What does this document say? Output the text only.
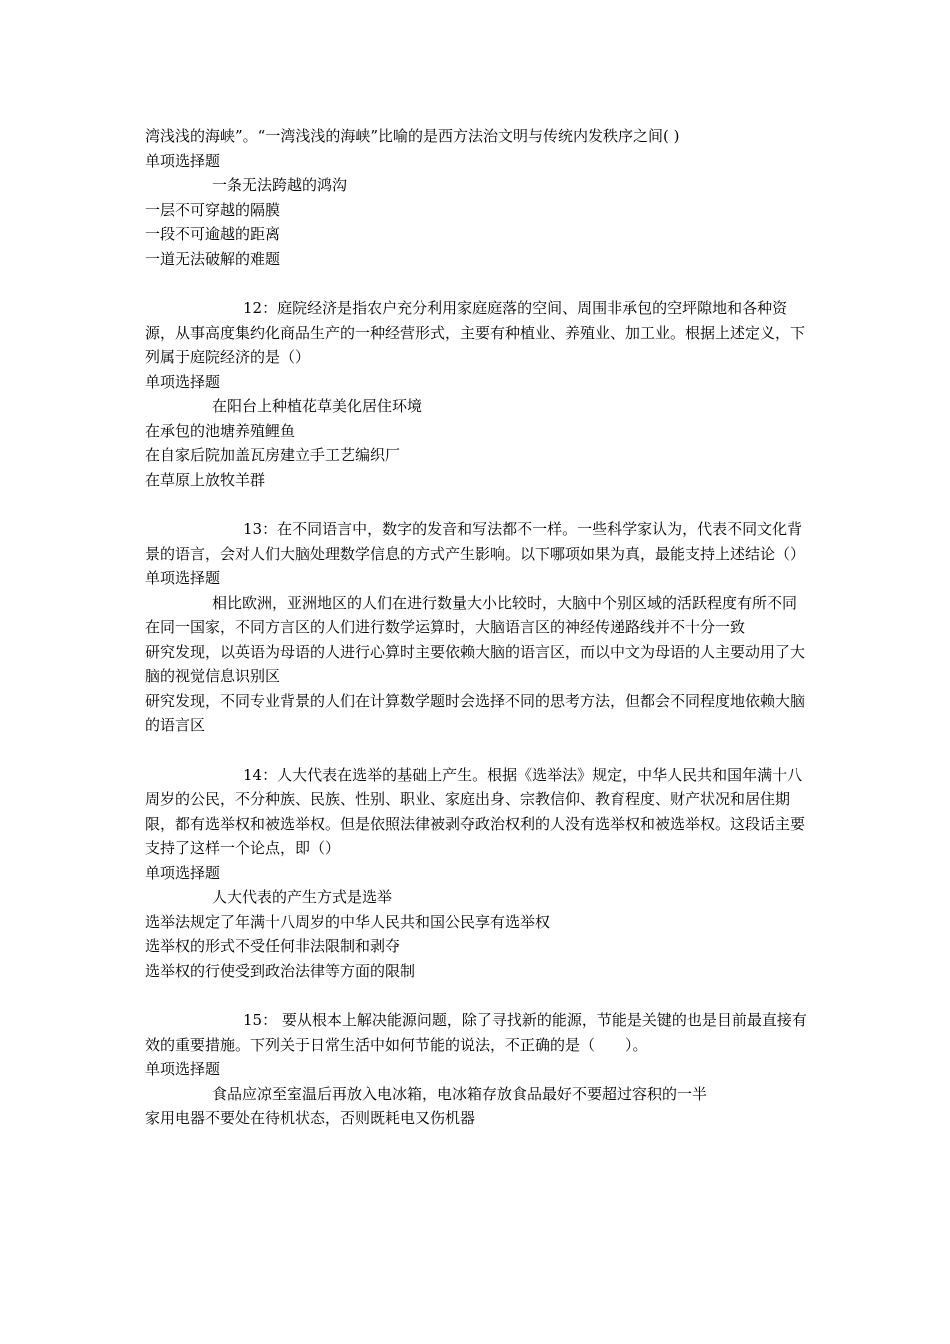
湾浅浅的海峡”。“一湾浅浅的海峡”比喻的是西方法治文明与传统内发秩序之间( )
单项选择题
一条无法跨越的鸿沟
一层不可穿越的隔膜
一段不可逾越的距离
一道无法破解的难题
12：庭院经济是指农户充分利用家庭庭落的空间、周围非承包的空坪隙地和各种资源，从事高度集约化商品生产的一种经营形式，主要有种植业、养殖业、加工业。根据上述定义，下列属于庭院经济的是（）
单项选择题
在阳台上种植花草美化居住环境
在承包的池塘养殖鲤鱼
在自家后院加盖瓦房建立手工艺编织厂
在草原上放牧羊群
13：在不同语言中，数字的发音和写法都不一样。一些科学家认为，代表不同文化背景的语言，会对人们大脑处理数学信息的方式产生影响。以下哪项如果为真，最能支持上述结论（）
单项选择题
相比欧洲，亚洲地区的人们在进行数量大小比较时，大脑中个别区域的活跃程度有所不同
在同一国家，不同方言区的人们进行数学运算时，大脑语言区的神经传递路线并不十分一致
研究发现，以英语为母语的人进行心算时主要依赖大脑的语言区，而以中文为母语的人主要动用了大脑的视觉信息识别区
研究发现，不同专业背景的人们在计算数学题时会选择不同的思考方法，但都会不同程度地依赖大脑的语言区
14：人大代表在选举的基础上产生。根据《选举法》规定，中华人民共和国年满十八周岁的公民，不分种族、民族、性别、职业、家庭出身、宗教信仰、教育程度、财产状况和居住期限，都有选举权和被选举权。但是依照法律被剥夺政治权利的人没有选举权和被选举权。这段话主要支持了这样一个论点，即（）
单项选择题
人大代表的产生方式是选举
选举法规定了年满十八周岁的中华人民共和国公民享有选举权
选举权的形式不受任何非法限制和剥夺
选举权的行使受到政治法律等方面的限制
15： 要从根本上解决能源问题，除了寻找新的能源，节能是关键的也是目前最直接有效的重要措施。下列关于日常生活中如何节能的说法，不正确的是（　　）。
单项选择题
食品应凉至室温后再放入电冰箱，电冰箱存放食品最好不要超过容积的一半
家用电器不要处在待机状态，否则既耗电又伤机器
